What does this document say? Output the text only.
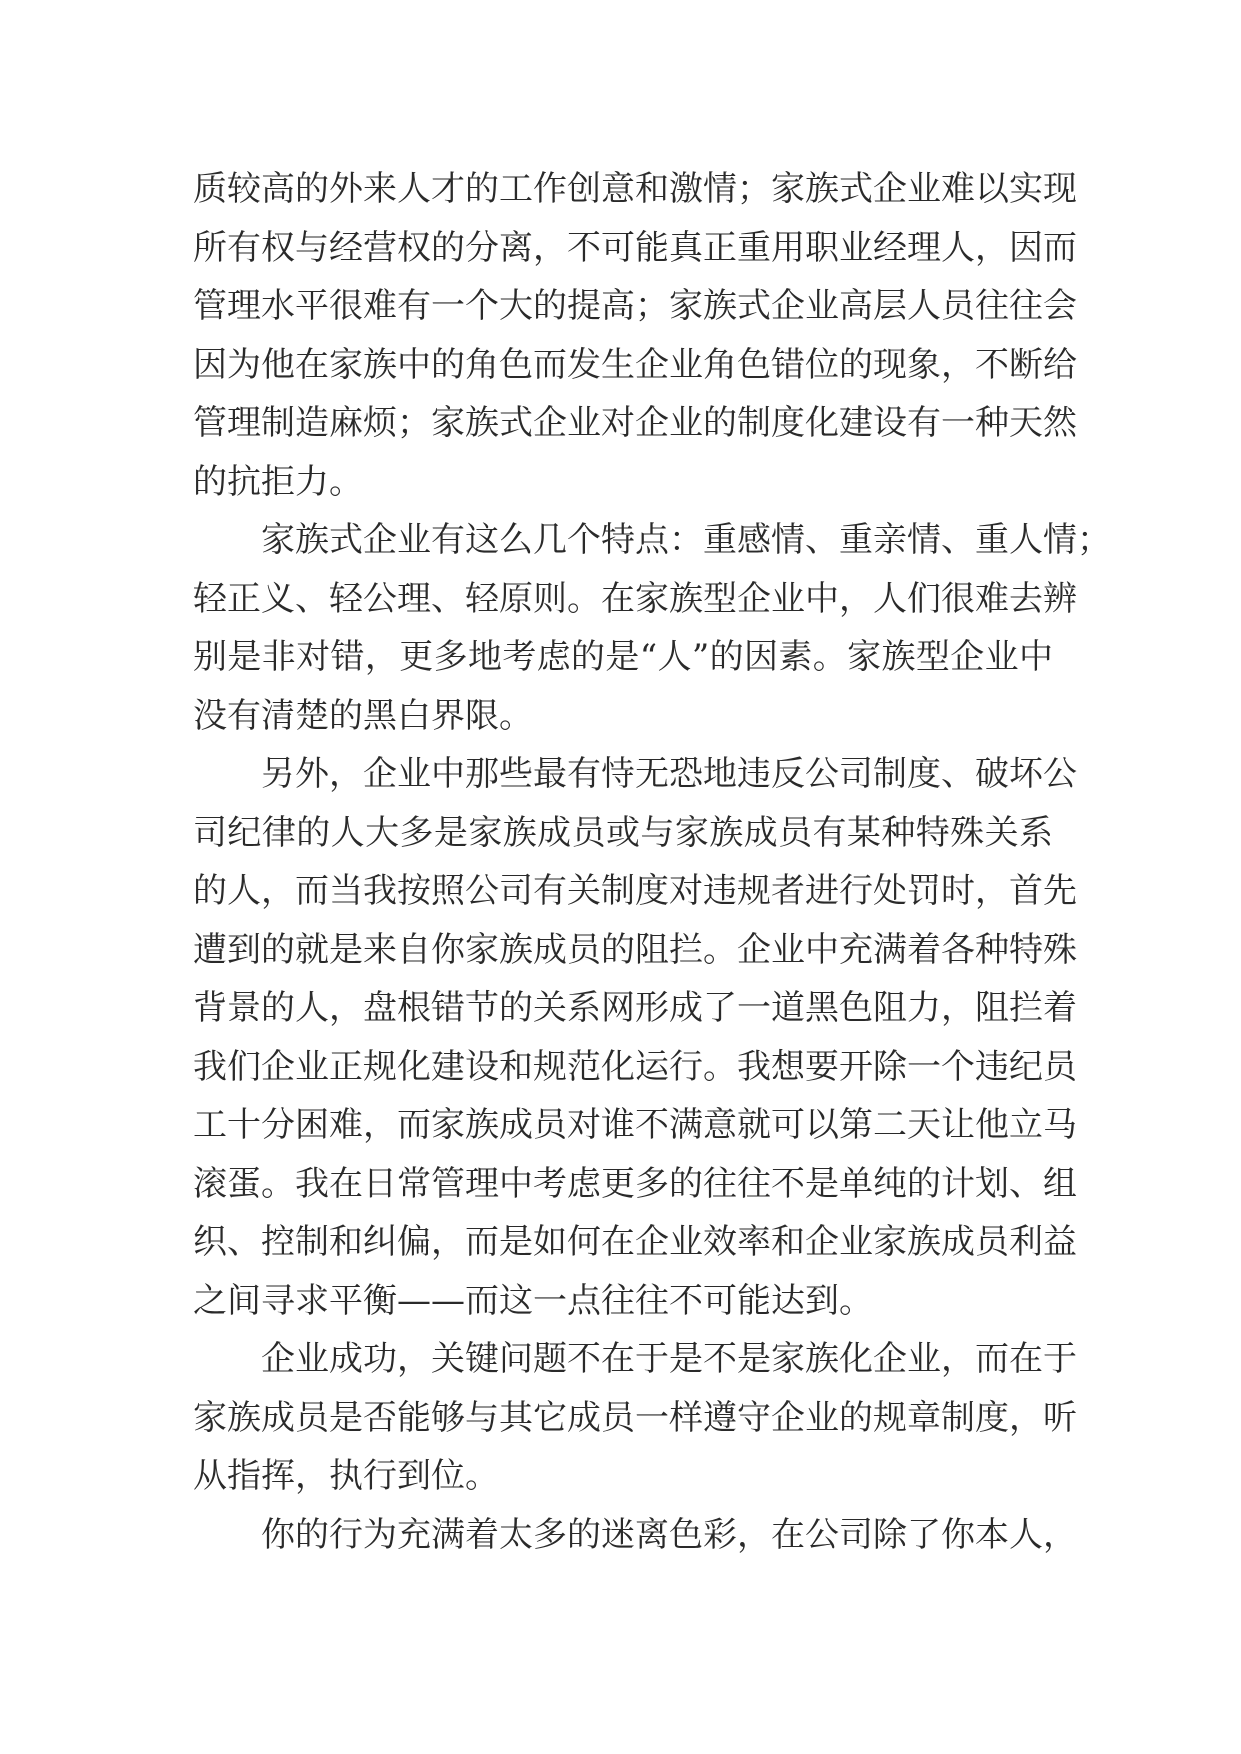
质较高的外来人才的工作创意和激情；家族式企业难以实现
所有权与经营权的分离，不可能真正重用职业经理人，因而
管理水平很难有一个大的提高；家族式企业高层人员往往会
因为他在家族中的角色而发生企业角色错位的现象，不断给
管理制造麻烦；家族式企业对企业的制度化建设有一种天然
的抗拒力。
家族式企业有这么几个特点：重感情、重亲情、重人情；
轻正义、轻公理、轻原则。在家族型企业中，人们很难去辨
别是非对错，更多地考虑的是“人”的因素。家族型企业中
没有清楚的黑白界限。
另外，企业中那些最有恃无恐地违反公司制度、破坏公
司纪律的人大多是家族成员或与家族成员有某种特殊关系
的人，而当我按照公司有关制度对违规者进行处罚时，首先
遭到的就是来自你家族成员的阻拦。企业中充满着各种特殊
背景的人，盘根错节的关系网形成了一道黑色阻力，阻拦着
我们企业正规化建设和规范化运行。我想要开除一个违纪员
工十分困难，而家族成员对谁不满意就可以第二天让他立马
滚蛋。我在日常管理中考虑更多的往往不是单纯的计划、组
织、控制和纠偏，而是如何在企业效率和企业家族成员利益
之间寻求平衡——而这一点往往不可能达到。
企业成功，关键问题不在于是不是家族化企业，而在于
家族成员是否能够与其它成员一样遵守企业的规章制度，听
从指挥，执行到位。
你的行为充满着太多的迷离色彩，在公司除了你本人，
